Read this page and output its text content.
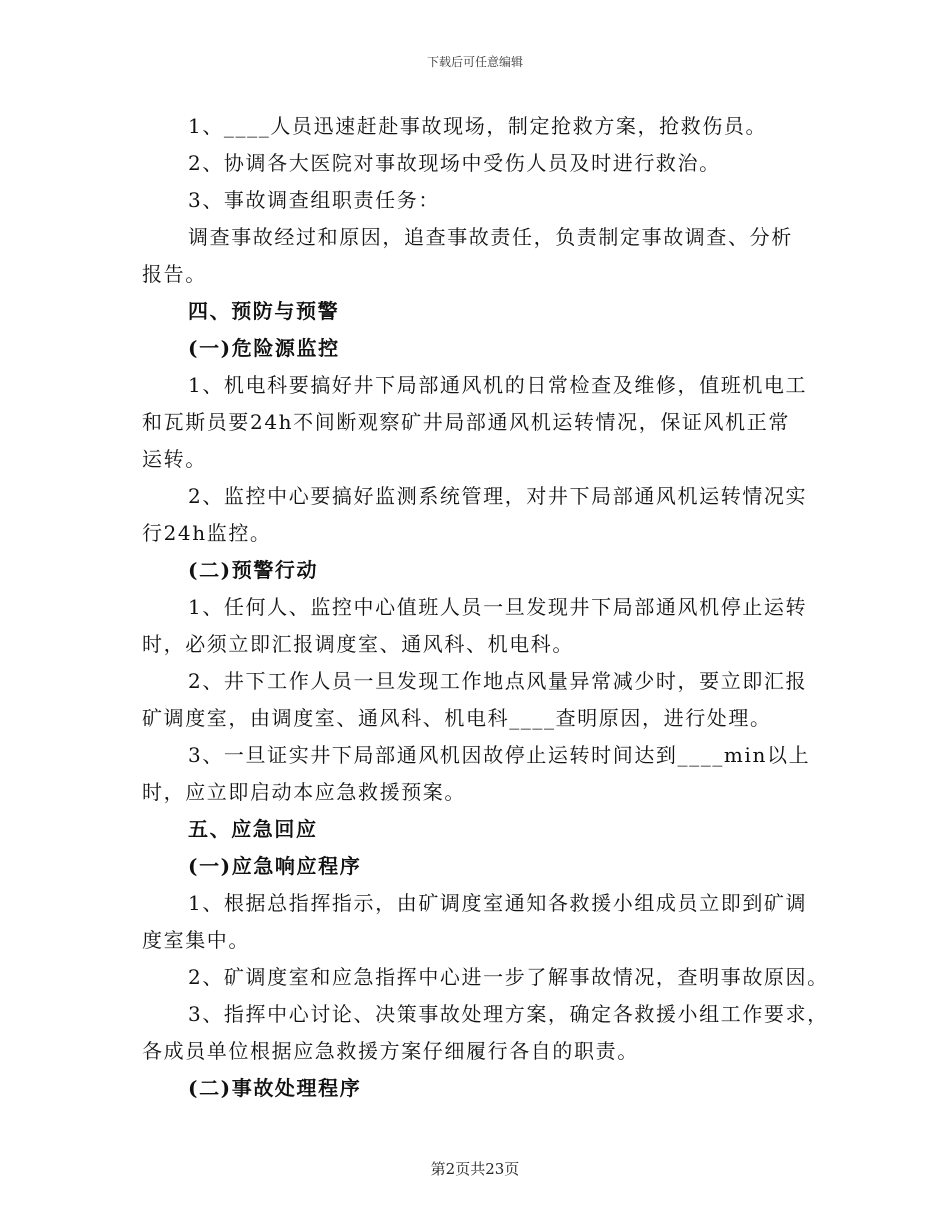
下载后可任意编辑
1、____人员迅速赶赴事故现场，制定抢救方案，抢救伤员。
2、协调各大医院对事故现场中受伤人员及时进行救治。
3、事故调查组职责任务：
调查事故经过和原因，追查事故责任，负责制定事故调查、分析
报告。
四、预防与预警
(一)危险源监控
1、机电科要搞好井下局部通风机的日常检查及维修，值班机电工
和瓦斯员要24h不间断观察矿井局部通风机运转情况，保证风机正常
运转。
2、监控中心要搞好监测系统管理，对井下局部通风机运转情况实
行24h监控。
(二)预警行动
1、任何人、监控中心值班人员一旦发现井下局部通风机停止运转
时，必须立即汇报调度室、通风科、机电科。
2、井下工作人员一旦发现工作地点风量异常减少时，要立即汇报
矿调度室，由调度室、通风科、机电科____查明原因，进行处理。
3、一旦证实井下局部通风机因故停止运转时间达到____min以上
时，应立即启动本应急救援预案。
五、应急回应
(一)应急响应程序
1、根据总指挥指示，由矿调度室通知各救援小组成员立即到矿调
度室集中。
2、矿调度室和应急指挥中心进一步了解事故情况，查明事故原因。
3、指挥中心讨论、决策事故处理方案，确定各救援小组工作要求，
各成员单位根据应急救援方案仔细履行各自的职责。
(二)事故处理程序
第2页共23页
